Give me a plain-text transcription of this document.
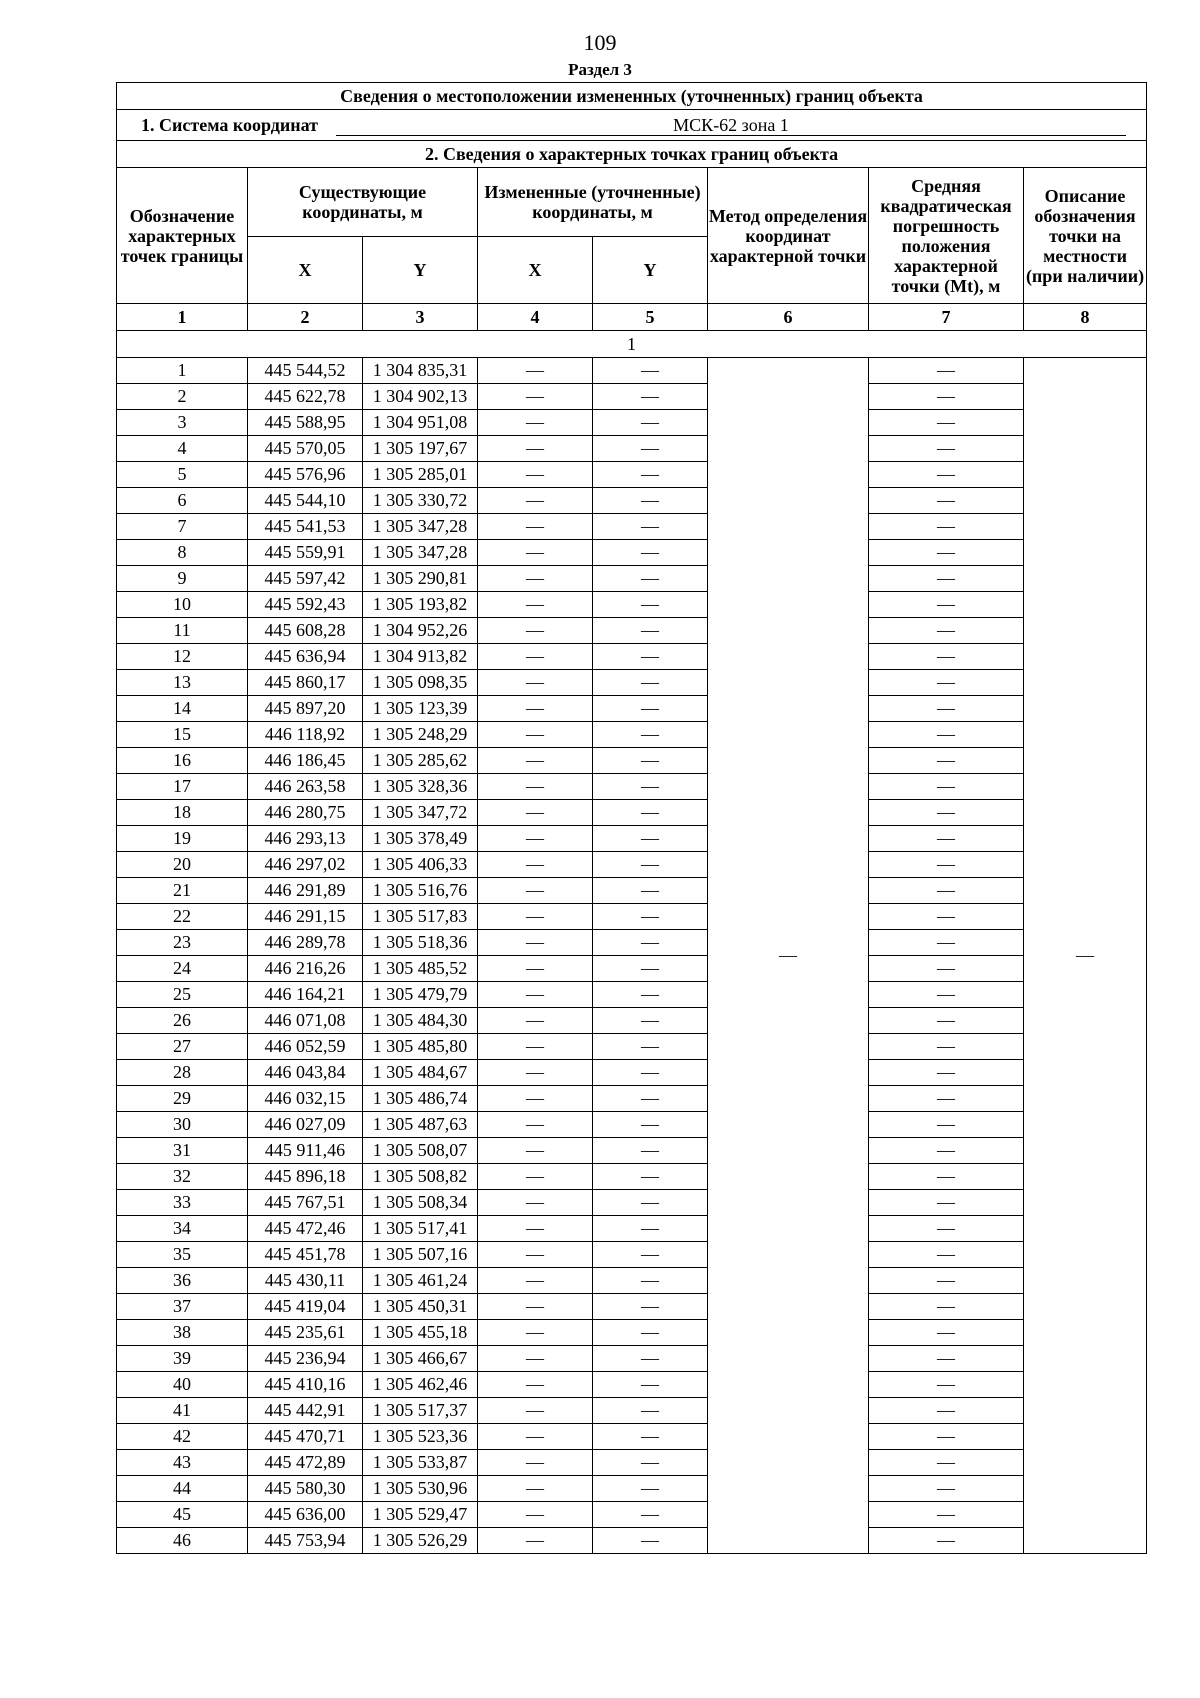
109
Раздел 3
Сведения о местоположении измененных (уточненных) границ объекта							
1. Система координат МСК-62 зона 1							
2. Сведения о характерных точках границ объекта							
Обозначение характерных точек границы	Существующие координаты, м		Измененные (уточненные) координаты, м		Метод определения координат характерной точки	Средняя квадратическая погрешность положения характерной точки (Mt), м	Описание обозначения точки на местности (при наличии)
	X	Y	X	Y			
1	2	3	4	5	6	7	8
1							
1	445 544,52	1 304 835,31	—	—	—	—	—
2	445 622,78	1 304 902,13	—	—		—	
3	445 588,95	1 304 951,08	—	—		—	
4	445 570,05	1 305 197,67	—	—		—	
5	445 576,96	1 305 285,01	—	—		—	
6	445 544,10	1 305 330,72	—	—		—	
7	445 541,53	1 305 347,28	—	—		—	
8	445 559,91	1 305 347,28	—	—		—	
9	445 597,42	1 305 290,81	—	—		—	
10	445 592,43	1 305 193,82	—	—		—	
11	445 608,28	1 304 952,26	—	—		—	
12	445 636,94	1 304 913,82	—	—		—	
13	445 860,17	1 305 098,35	—	—		—	
14	445 897,20	1 305 123,39	—	—		—	
15	446 118,92	1 305 248,29	—	—		—	
16	446 186,45	1 305 285,62	—	—		—	
17	446 263,58	1 305 328,36	—	—		—	
18	446 280,75	1 305 347,72	—	—		—	
19	446 293,13	1 305 378,49	—	—		—	
20	446 297,02	1 305 406,33	—	—		—	
21	446 291,89	1 305 516,76	—	—		—	
22	446 291,15	1 305 517,83	—	—		—	
23	446 289,78	1 305 518,36	—	—		—	
24	446 216,26	1 305 485,52	—	—		—	
25	446 164,21	1 305 479,79	—	—		—	
26	446 071,08	1 305 484,30	—	—		—	
27	446 052,59	1 305 485,80	—	—		—	
28	446 043,84	1 305 484,67	—	—		—	
29	446 032,15	1 305 486,74	—	—		—	
30	446 027,09	1 305 487,63	—	—		—	
31	445 911,46	1 305 508,07	—	—		—	
32	445 896,18	1 305 508,82	—	—		—	
33	445 767,51	1 305 508,34	—	—		—	
34	445 472,46	1 305 517,41	—	—		—	
35	445 451,78	1 305 507,16	—	—		—	
36	445 430,11	1 305 461,24	—	—		—	
37	445 419,04	1 305 450,31	—	—		—	
38	445 235,61	1 305 455,18	—	—		—	
39	445 236,94	1 305 466,67	—	—		—	
40	445 410,16	1 305 462,46	—	—		—	
41	445 442,91	1 305 517,37	—	—		—	
42	445 470,71	1 305 523,36	—	—		—	
43	445 472,89	1 305 533,87	—	—		—	
44	445 580,30	1 305 530,96	—	—		—	
45	445 636,00	1 305 529,47	—	—		—	
46	445 753,94	1 305 526,29	—	—		—	
